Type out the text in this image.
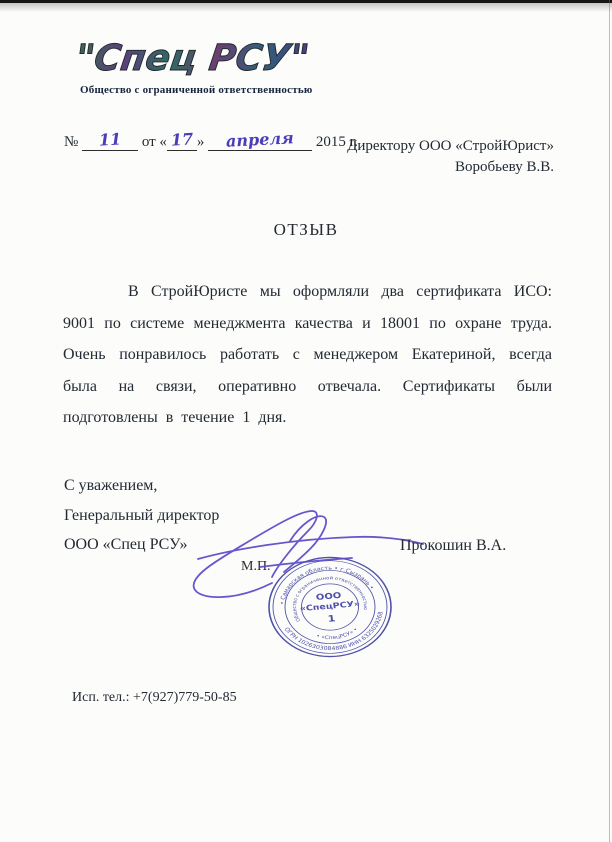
"Спец РСУ"
Общество с ограниченной ответственностью
№ 11 от « 17 » апреля 2015 г.
Директору ООО «СтройЮрист»
Воробьеву В.В.
ОТЗЫВ

В СтройЮристе мы оформляли два сертификата ИСО: 9001 по системе менеджмента качества и 18001 по охране труда. Очень понравилось работать с менеджером Екатериной, всегда была на связи, оперативно отвечала. Сертификаты были подготовлены в течение 1 дня.

С уважением,
Генеральный директор
ООО «Спец РСУ»	Прокошин В.А.
М.П.
• Самарская область • г.Сызрань •
ОГРН 1026303084886 ИНН 6325029268
Общество с ограниченной ответственностью
• «СпецРСУ» •
ООО
«СпецРСУ»
1
Исп. тел.: +7(927)779-50-85
